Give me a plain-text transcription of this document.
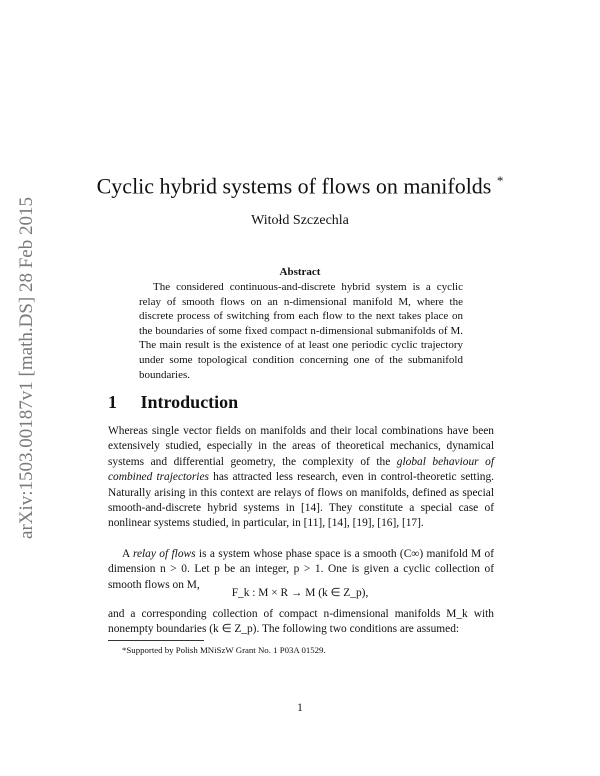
arXiv:1503.00187v1 [math.DS] 28 Feb 2015
Cyclic hybrid systems of flows on manifolds *
Witołd Szczechla
Abstract
The considered continuous-and-discrete hybrid system is a cyclic relay of smooth flows on an n-dimensional manifold M, where the discrete process of switching from each flow to the next takes place on the boundaries of some fixed compact n-dimensional submanifolds of M. The main result is the existence of at least one periodic cyclic trajectory under some topological condition concerning one of the submanifold boundaries.
1 Introduction
Whereas single vector fields on manifolds and their local combinations have been extensively studied, especially in the areas of theoretical mechanics, dynamical systems and differential geometry, the complexity of the global behaviour of combined trajectories has attracted less research, even in control-theoretic setting. Naturally arising in this context are relays of flows on manifolds, defined as special smooth-and-discrete hybrid systems in [14]. They constitute a special case of nonlinear systems studied, in particular, in [11], [14], [19], [16], [17].
A relay of flows is a system whose phase space is a smooth (C∞) manifold M of dimension n > 0. Let p be an integer, p > 1. One is given a cyclic collection of smooth flows on M,
F_k : M × R → M (k ∈ Z_p),
and a corresponding collection of compact n-dimensional manifolds M_k with nonempty boundaries (k ∈ Z_p). The following two conditions are assumed:
*Supported by Polish MNiSzW Grant No. 1 P03A 01529.
1
